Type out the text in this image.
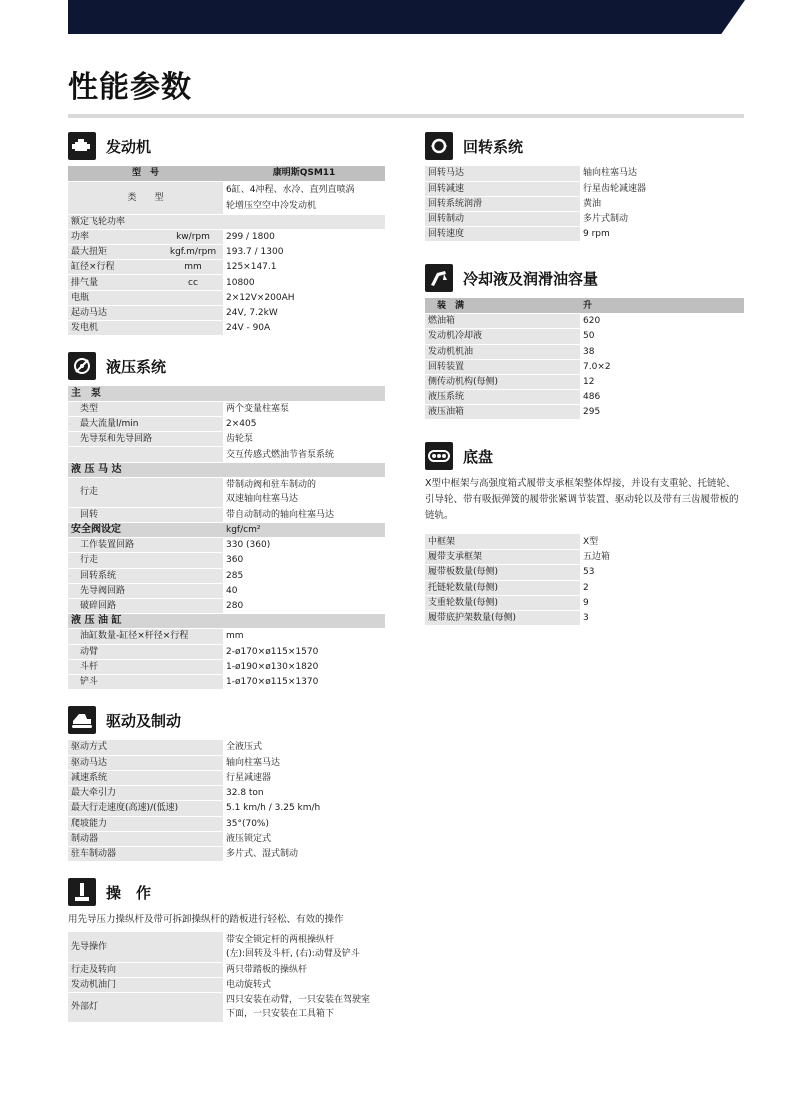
性能参数
发动机
型　号		康明斯QSM11
类　　型		6缸、4冲程、水冷、直列直喷涡
轮增压空空中冷发动机

额定飞轮功率		
功率	kw/rpm	299 / 1800
最大扭矩	kgf.m/rpm	193.7 / 1300
缸径×行程	mm	125×147.1
排气量	cc	10800
电瓶		2×12V×200AH
起动马达		24V, 7.2kW
发电机		24V - 90A
液压系统
主　泵	
类型	两个变量柱塞泵
最大流量l/min	2×405
先导泵和先导回路	齿轮泵
	交互传感式燃油节省泵系统
液 压 马 达	
行走	带制动阀和驻车制动的
双速轴向柱塞马达

回转	带自动制动的轴向柱塞马达
安全阀设定	kgf/cm²
工作装置回路	330 (360)
行走	360
回转系统	285
先导阀回路	40
破碎回路	280
液 压 油 缸	
油缸数量-缸径×杆径×行程	mm
动臂	2-ø170×ø115×1570
斗杆	1-ø190×ø130×1820
铲斗	1-ø170×ø115×1370
驱动及制动
驱动方式	全液压式
驱动马达	轴向柱塞马达
减速系统	行星减速器
最大牵引力	32.8 ton
最大行走速度(高速)/(低速)	5.1 km/h / 3.25 km/h
爬坡能力	35°(70%)
制动器	液压锁定式
驻车制动器	多片式、湿式制动
操　作
用先导压力操纵杆及带可拆卸操纵杆的踏板进行轻松、有效的操作
先导操作	带安全锁定杆的两根操纵杆
(左):回转及斗杆, (右):动臂及铲斗

行走及转向	两只带踏板的操纵杆
发动机油门	电动旋转式
外部灯	四只安装在动臂，一只安装在驾驶室
下面，一只安装在工具箱下
回转系统
回转马达	轴向柱塞马达
回转减速	行星齿轮减速器
回转系统润滑	黄油
回转制动	多片式制动
回转速度	9 rpm
冷却液及润滑油容量
装　满	升
燃油箱	620
发动机冷却液	50
发动机机油	38
回转装置	7.0×2
侧传动机构(每侧)	12
液压系统	486
液压油箱	295
底盘
X型中框架与高强度箱式履带支承框架整体焊接，并设有支重轮、托链轮、引导轮、带有吸振弹簧的履带张紧调节装置、驱动轮以及带有三齿履带板的链轨。
中框架	X型
履带支承框架	五边箱
履带板数量(每侧)	53
托链轮数量(每侧)	2
支重轮数量(每侧)	9
履带底护架数量(每侧)	3
